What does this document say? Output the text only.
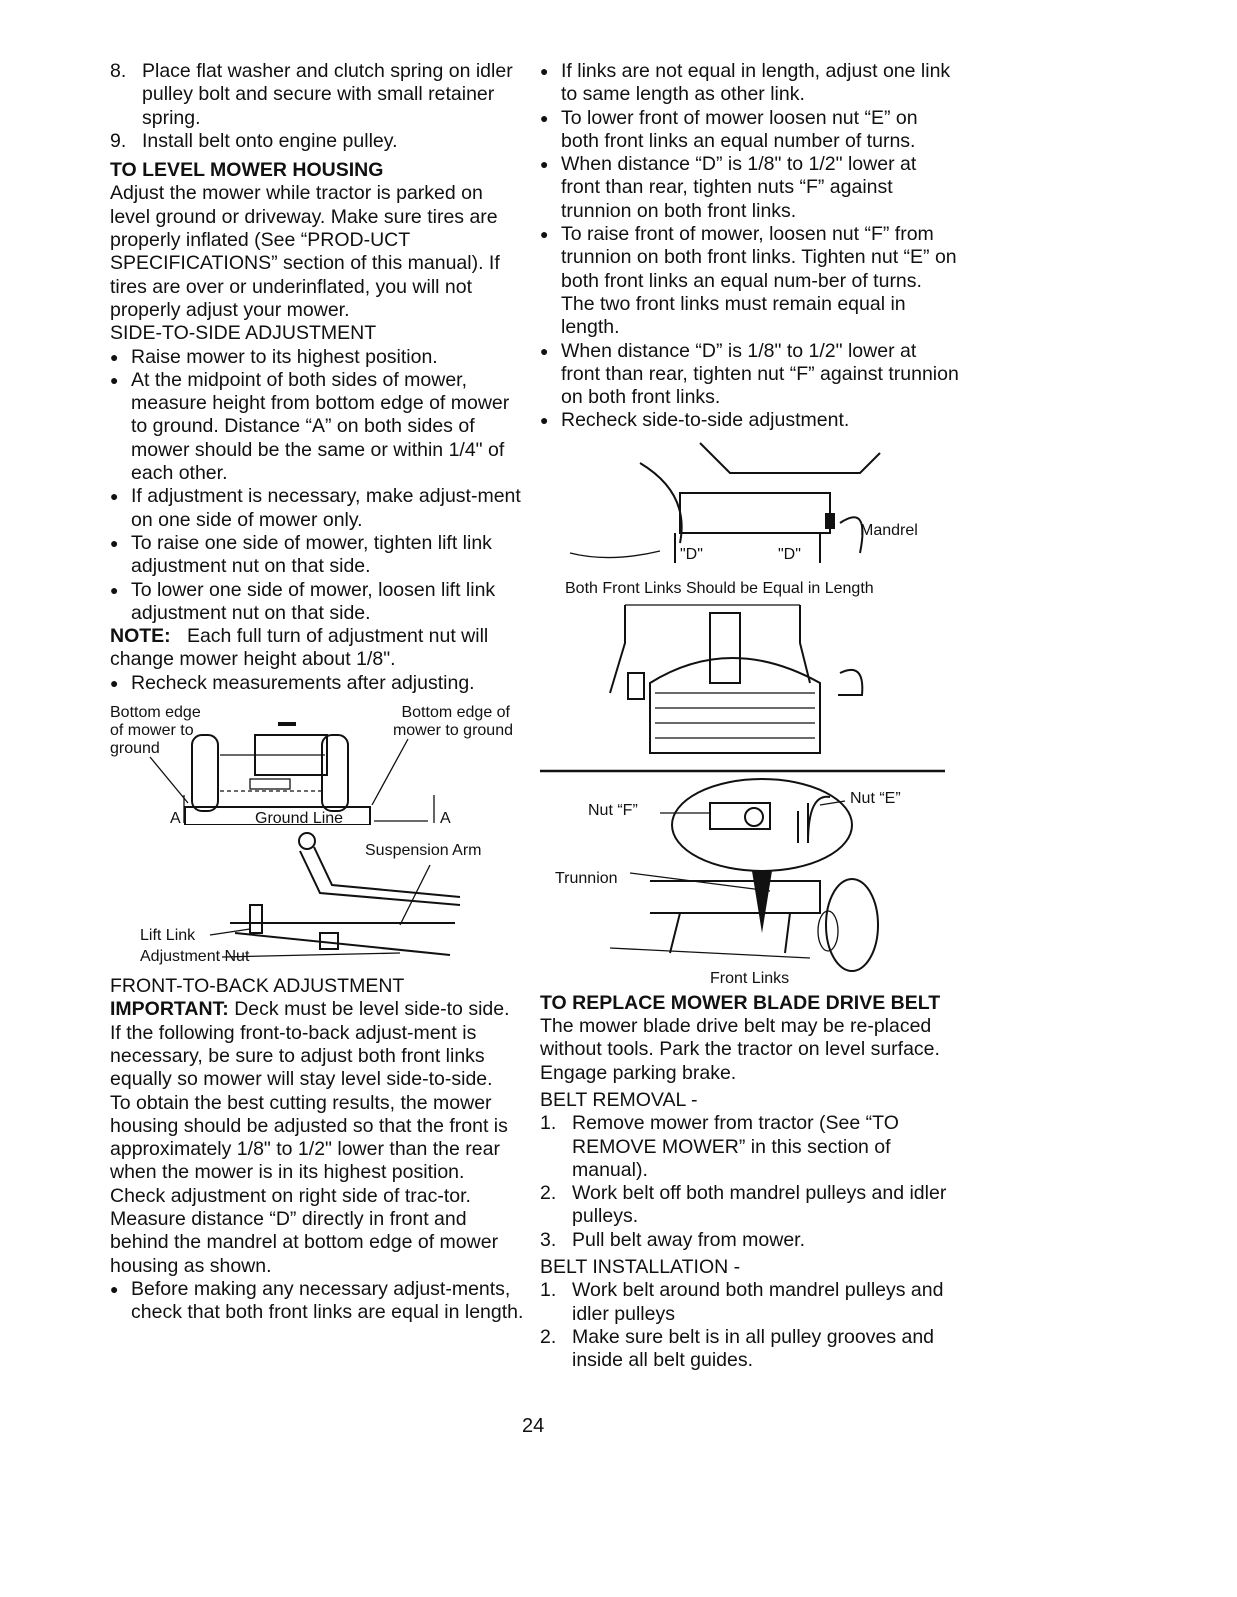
8. Place flat washer and clutch spring on idler pulley bolt and secure with small retainer spring.
9. Install belt onto engine pulley.

TO LEVEL MOWER HOUSING

Adjust the mower while tractor is parked on level ground or driveway. Make sure tires are properly inflated (See “PROD-UCT SPECIFICATIONS” section of this manual). If tires are over or underinflated, you will not properly adjust your mower.

SIDE-TO-SIDE ADJUSTMENT

● Raise mower to its highest position.
● At the midpoint of both sides of mower, measure height from bottom edge of mower to ground. Distance “A” on both sides of mower should be the same or within 1/4" of each other.
● If adjustment is necessary, make adjust-ment on one side of mower only.
● To raise one side of mower, tighten lift link adjustment nut on that side.
● To lower one side of mower, loosen lift link adjustment nut on that side.

NOTE: Each full turn of adjustment nut will change mower height about 1/8".

● Recheck measurements after adjusting.
Bottom edge
of mower to
ground
Bottom edge of
mower to ground
Ground Line
A	A
Suspension Arm
Lift Link
Adjustment Nut

FRONT-TO-BACK ADJUSTMENT

IMPORTANT: Deck must be level side-to side. If the following front-to-back adjust-ment is necessary, be sure to adjust both front links equally so mower will stay level side-to-side.

To obtain the best cutting results, the mower housing should be adjusted so that the front is approximately 1/8" to 1/2" lower than the rear when the mower is in its highest position.

Check adjustment on right side of trac-tor. Measure distance “D” directly in front and behind the mandrel at bottom edge of mower housing as shown.

● Before making any necessary adjust-ments, check that both front links are equal in length.
● If links are not equal in length, adjust one link to same length as other link.
● To lower front of mower loosen nut “E” on both front links an equal number of turns.
● When distance “D” is 1/8" to 1/2" lower at front than rear, tighten nuts “F” against trunnion on both front links.
● To raise front of mower, loosen nut “F” from trunnion on both front links. Tighten nut “E” on both front links an equal num-ber of turns. The two front links must remain equal in length.
● When distance “D” is 1/8" to 1/2" lower at front than rear, tighten nut “F” against trunnion on both front links.
● Recheck side-to-side adjustment.
Mandrel
"D"	"D"
Both Front Links Should be Equal in Length
Nut “F”
Nut “E”
Trunnion
Front Links

TO REPLACE MOWER BLADE DRIVE BELT

The mower blade drive belt may be re-placed without tools. Park the tractor on level surface. Engage parking brake.

BELT REMOVAL -

1. Remove mower from tractor (See “TO REMOVE MOWER” in this section of manual).
2. Work belt off both mandrel pulleys and idler pulleys.
3. Pull belt away from mower.

BELT INSTALLATION -

1. Work belt around both mandrel pulleys and idler pulleys
2. Make sure belt is in all pulley grooves and inside all belt guides.
24
